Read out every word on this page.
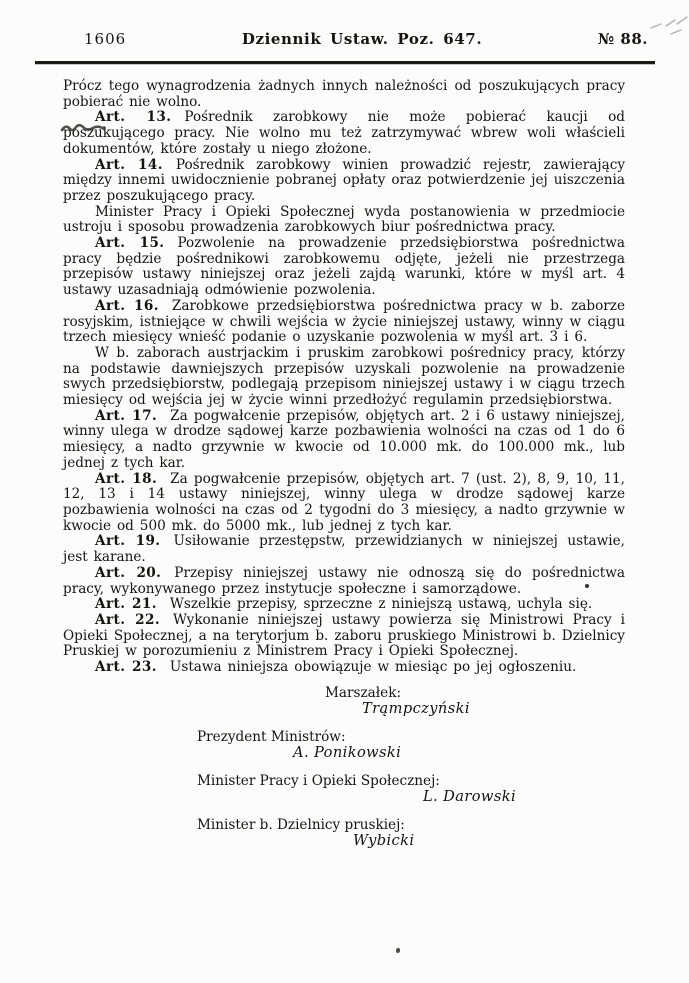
1606	Dziennik Ustaw. Poz. 647.	№ 88.

Prócz tego wynagrodzenia żadnych innych należności od poszukujących pracy pobierać nie wolno.

Art. 13. Pośrednik zarobkowy nie może pobierać kaucji od poszukującego pracy. Nie wolno mu też zatrzymywać wbrew woli właścieli dokumentów, które zostały u niego złożone.

Art. 14. Pośrednik zarobkowy winien prowadzić rejestr, zawierający między innemi uwidocznienie pobranej opłaty oraz potwierdzenie jej uiszczenia przez poszukującego pracy.

Minister Pracy i Opieki Społecznej wyda postanowienia w przedmiocie ustroju i sposobu prowadzenia zarobkowych biur pośrednictwa pracy.

Art. 15. Pozwolenie na prowadzenie przedsiębiorstwa pośrednictwa pracy będzie pośrednikowi zarobkowemu odjęte, jeżeli nie przestrzega przepisów ustawy niniejszej oraz jeżeli zajdą warunki, które w myśl art. 4 ustawy uzasadniają odmówienie pozwolenia.

Art. 16. Zarobkowe przedsiębiorstwa pośrednictwa pracy w b. zaborze rosyjskim, istniejące w chwili wejścia w życie niniejszej ustawy, winny w ciągu trzech miesięcy wnieść podanie o uzyskanie pozwolenia w myśl art. 3 i 6.

W b. zaborach austrjackim i pruskim zarobkowi pośrednicy pracy, którzy na podstawie dawniejszych przepisów uzyskali pozwolenie na prowadzenie swych przedsiębiorstw, podlegają przepisom niniejszej ustawy i w ciągu trzech miesięcy od wejścia jej w życie winni przedłożyć regulamin przedsiębiorstwa.

Art. 17. Za pogwałcenie przepisów, objętych art. 2 i 6 ustawy niniejszej, winny ulega w drodze sądowej karze pozbawienia wolności na czas od 1 do 6 miesięcy, a nadto grzywnie w kwocie od 10.000 mk. do 100.000 mk., lub jednej z tych kar.

Art. 18. Za pogwałcenie przepisów, objętych art. 7 (ust. 2), 8, 9, 10, 11, 12, 13 i 14 ustawy niniejszej, winny ulega w drodze sądowej karze pozbawienia wolności na czas od 2 tygodni do 3 miesięcy, a nadto grzywnie w kwocie od 500 mk. do 5000 mk., lub jednej z tych kar.

Art. 19. Usiłowanie przestępstw, przewidzianych w niniejszej ustawie, jest karane.

Art. 20. Przepisy niniejszej ustawy nie odnoszą się do pośrednictwa pracy, wykonywanego przez instytucje społeczne i samorządowe.

Art. 21. Wszelkie przepisy, sprzeczne z niniejszą ustawą, uchyla się.

Art. 22. Wykonanie niniejszej ustawy powierza się Ministrowi Pracy i Opieki Społecznej, a na terytorjum b. zaboru pruskiego Ministrowi b. Dzielnicy Pruskiej w porozumieniu z Ministrem Pracy i Opieki Społecznej.

Art. 23. Ustawa niniejsza obowiązuje w miesiąc po jej ogłoszeniu.

Marszałek:
Trąmpczyński
Prezydent Ministrów:
A. Ponikowski
Minister Pracy i Opieki Społecznej:
L. Darowski
Minister b. Dzielnicy pruskiej:
Wybicki
